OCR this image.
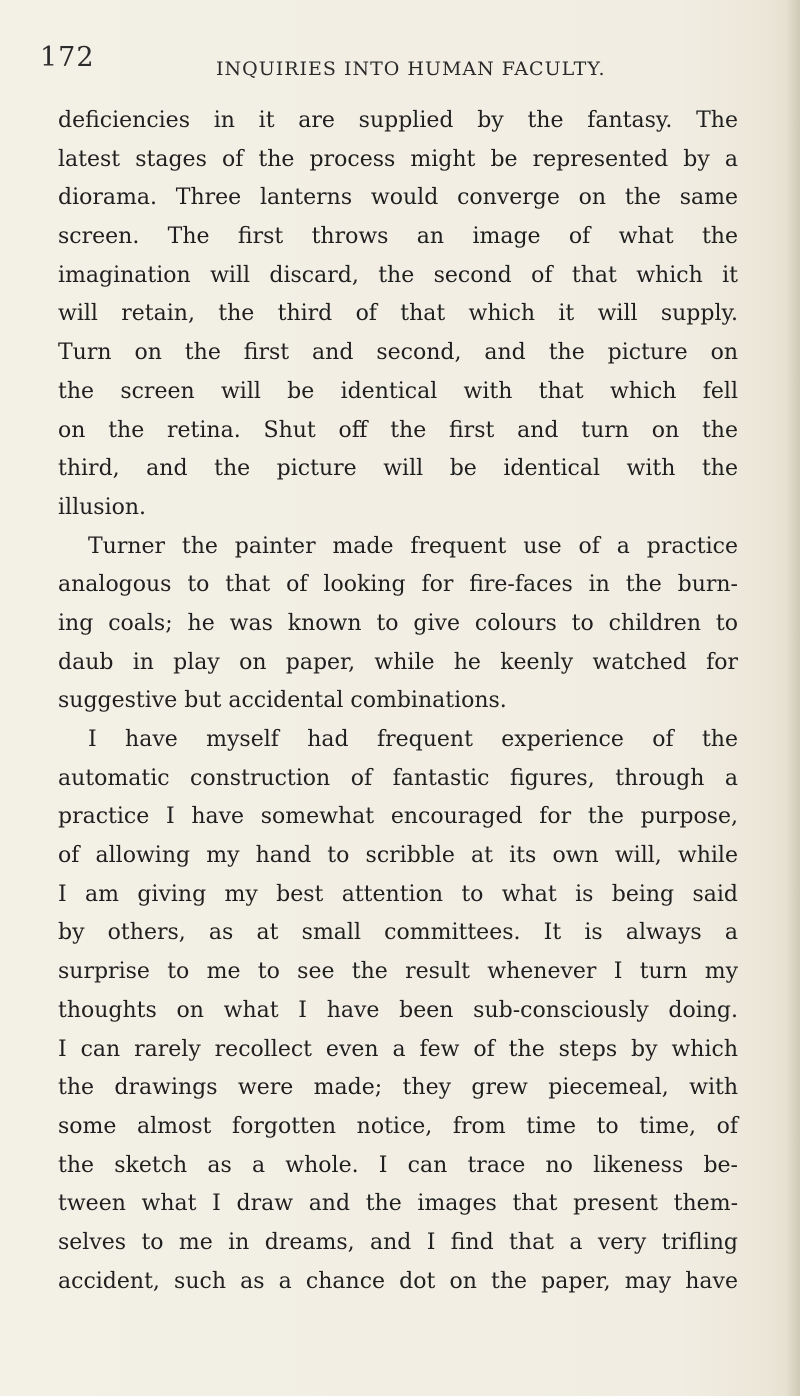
172	INQUIRIES INTO HUMAN FACULTY.
deficiencies in it are supplied by the fantasy. The
latest stages of the process might be represented by a
diorama. Three lanterns would converge on the same
screen. The first throws an image of what the
imagination will discard, the second of that which it
will retain, the third of that which it will supply.
Turn on the first and second, and the picture on
the screen will be identical with that which fell
on the retina. Shut off the first and turn on the
third, and the picture will be identical with the
illusion.
Turner the painter made frequent use of a practice
analogous to that of looking for fire-faces in the burn-
ing coals; he was known to give colours to children to
daub in play on paper, while he keenly watched for
suggestive but accidental combinations.
I have myself had frequent experience of the
automatic construction of fantastic figures, through a
practice I have somewhat encouraged for the purpose,
of allowing my hand to scribble at its own will, while
I am giving my best attention to what is being said
by others, as at small committees. It is always a
surprise to me to see the result whenever I turn my
thoughts on what I have been sub-consciously doing.
I can rarely recollect even a few of the steps by which
the drawings were made; they grew piecemeal, with
some almost forgotten notice, from time to time, of
the sketch as a whole. I can trace no likeness be-
tween what I draw and the images that present them-
selves to me in dreams, and I find that a very trifling
accident, such as a chance dot on the paper, may have
